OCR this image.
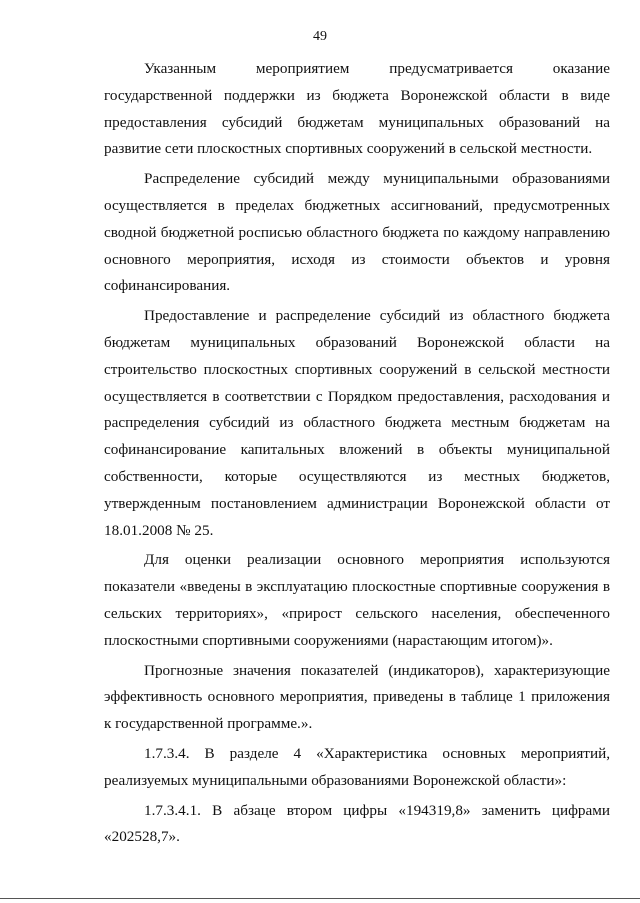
49

Указанным мероприятием предусматривается оказание государственной поддержки из бюджета Воронежской области в виде предоставления субсидий бюджетам муниципальных образований на развитие сети плоскостных спортивных сооружений в сельской местности.

Распределение субсидий между муниципальными образованиями осуществляется в пределах бюджетных ассигнований, предусмотренных сводной бюджетной росписью областного бюджета по каждому направлению основного мероприятия, исходя из стоимости объектов и уровня софинансирования.

Предоставление и распределение субсидий из областного бюджета бюджетам муниципальных образований Воронежской области на строительство плоскостных спортивных сооружений в сельской местности осуществляется в соответствии с Порядком предоставления, расходования и распределения субсидий из областного бюджета местным бюджетам на софинансирование капитальных вложений в объекты муниципальной собственности, которые осуществляются из местных бюджетов, утвержденным постановлением администрации Воронежской области от 18.01.2008 № 25.

Для оценки реализации основного мероприятия используются показатели «введены в эксплуатацию плоскостные спортивные сооружения в сельских территориях», «прирост сельского населения, обеспеченного плоскостными спортивными сооружениями (нарастающим итогом)».

Прогнозные значения показателей (индикаторов), характеризующие эффективность основного мероприятия, приведены в таблице 1 приложения к государственной программе.».

1.7.3.4. В разделе 4 «Характеристика основных мероприятий, реализуемых муниципальными образованиями Воронежской области»:

1.7.3.4.1. В абзаце втором цифры «194319,8» заменить цифрами «202528,7».
